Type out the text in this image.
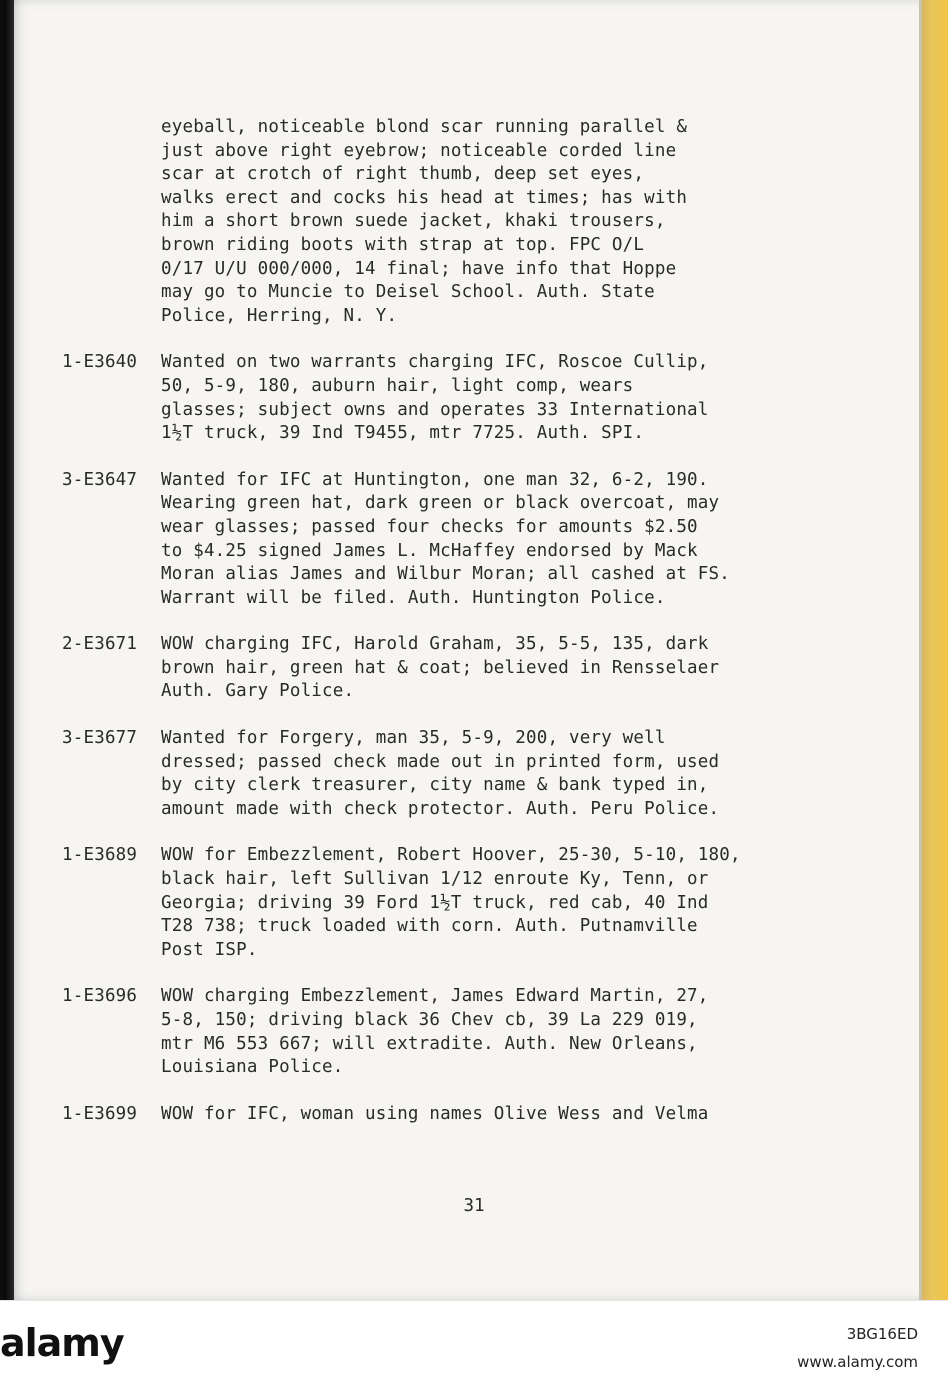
eyeball, noticeable blond scar running parallel &
just above right eyebrow; noticeable corded line
scar at crotch of right thumb, deep set eyes,
walks erect and cocks his head at times; has with
him a short brown suede jacket, khaki trousers,
brown riding boots with strap at top. FPC O/L
0/17 U/U 000/000, 14 final; have info that Hoppe
may go to Muncie to Deisel School. Auth. State
Police, Herring, N. Y.
1-E3640 Wanted on two warrants charging IFC, Roscoe Cullip,
50, 5-9, 180, auburn hair, light comp, wears
glasses; subject owns and operates 33 International
1½T truck, 39 Ind T9455, mtr 7725. Auth. SPI.
3-E3647 Wanted for IFC at Huntington, one man 32, 6-2, 190.
Wearing green hat, dark green or black overcoat, may
wear glasses; passed four checks for amounts $2.50
to $4.25 signed James L. McHaffey endorsed by Mack
Moran alias James and Wilbur Moran; all cashed at FS.
Warrant will be filed. Auth. Huntington Police.
2-E3671 WOW charging IFC, Harold Graham, 35, 5-5, 135, dark
brown hair, green hat & coat; believed in Rensselaer
Auth. Gary Police.
3-E3677 Wanted for Forgery, man 35, 5-9, 200, very well
dressed; passed check made out in printed form, used
by city clerk treasurer, city name & bank typed in,
amount made with check protector. Auth. Peru Police.
1-E3689 WOW for Embezzlement, Robert Hoover, 25-30, 5-10, 180,
black hair, left Sullivan 1/12 enroute Ky, Tenn, or
Georgia; driving 39 Ford 1½T truck, red cab, 40 Ind
T28 738; truck loaded with corn. Auth. Putnamville
Post ISP.
1-E3696 WOW charging Embezzlement, James Edward Martin, 27,
5-8, 150; driving black 36 Chev cb, 39 La 229 019,
mtr M6 553 667; will extradite. Auth. New Orleans,
Louisiana Police.
1-E3699 WOW for IFC, woman using names Olive Wess and Velma
31
alamy	3BG16ED
www.alamy.com
